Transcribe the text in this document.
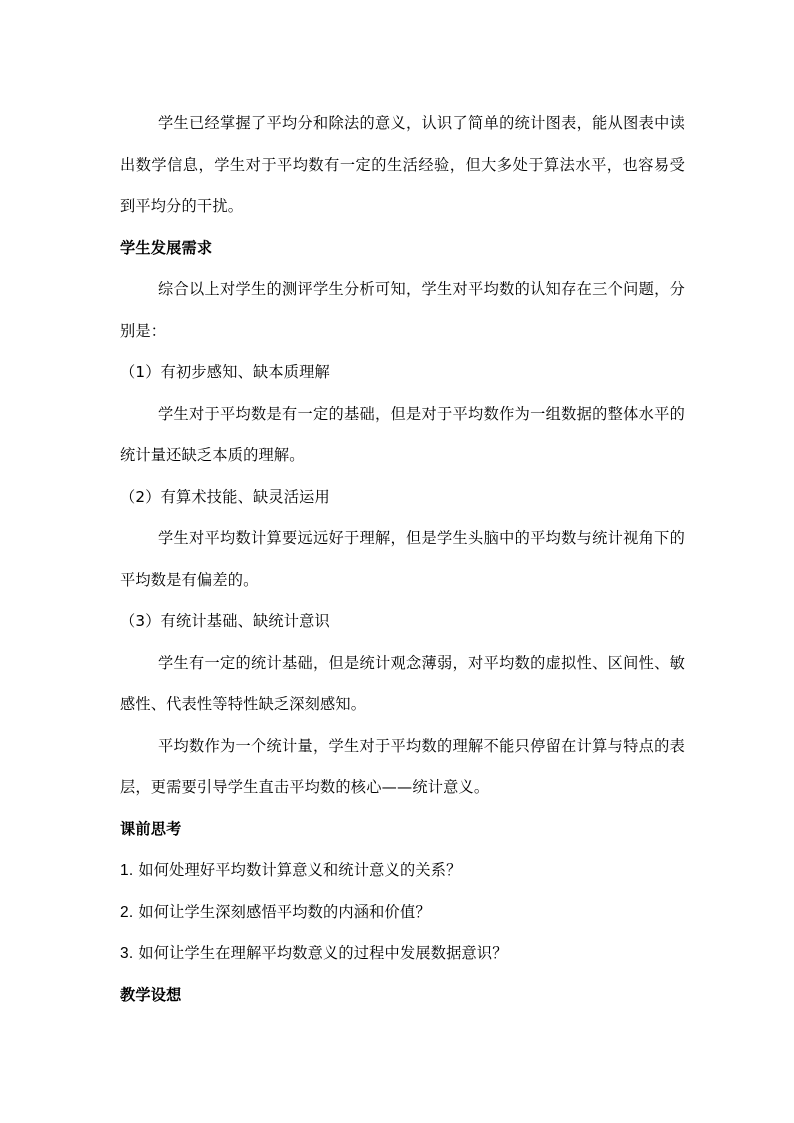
学生已经掌握了平均分和除法的意义，认识了简单的统计图表，能从图表中读出数学信息，学生对于平均数有一定的生活经验，但大多处于算法水平，也容易受到平均分的干扰。

学生发展需求

综合以上对学生的测评学生分析可知，学生对平均数的认知存在三个问题，分别是：

（1）有初步感知、缺本质理解

学生对于平均数是有一定的基础，但是对于平均数作为一组数据的整体水平的统计量还缺乏本质的理解。

（2）有算术技能、缺灵活运用

学生对平均数计算要远远好于理解，但是学生头脑中的平均数与统计视角下的平均数是有偏差的。

（3）有统计基础、缺统计意识

学生有一定的统计基础，但是统计观念薄弱，对平均数的虚拟性、区间性、敏感性、代表性等特性缺乏深刻感知。

平均数作为一个统计量，学生对于平均数的理解不能只停留在计算与特点的表层，更需要引导学生直击平均数的核心——统计意义。

课前思考

1. 如何处理好平均数计算意义和统计意义的关系？

2. 如何让学生深刻感悟平均数的内涵和价值？

3. 如何让学生在理解平均数意义的过程中发展数据意识？

教学设想
